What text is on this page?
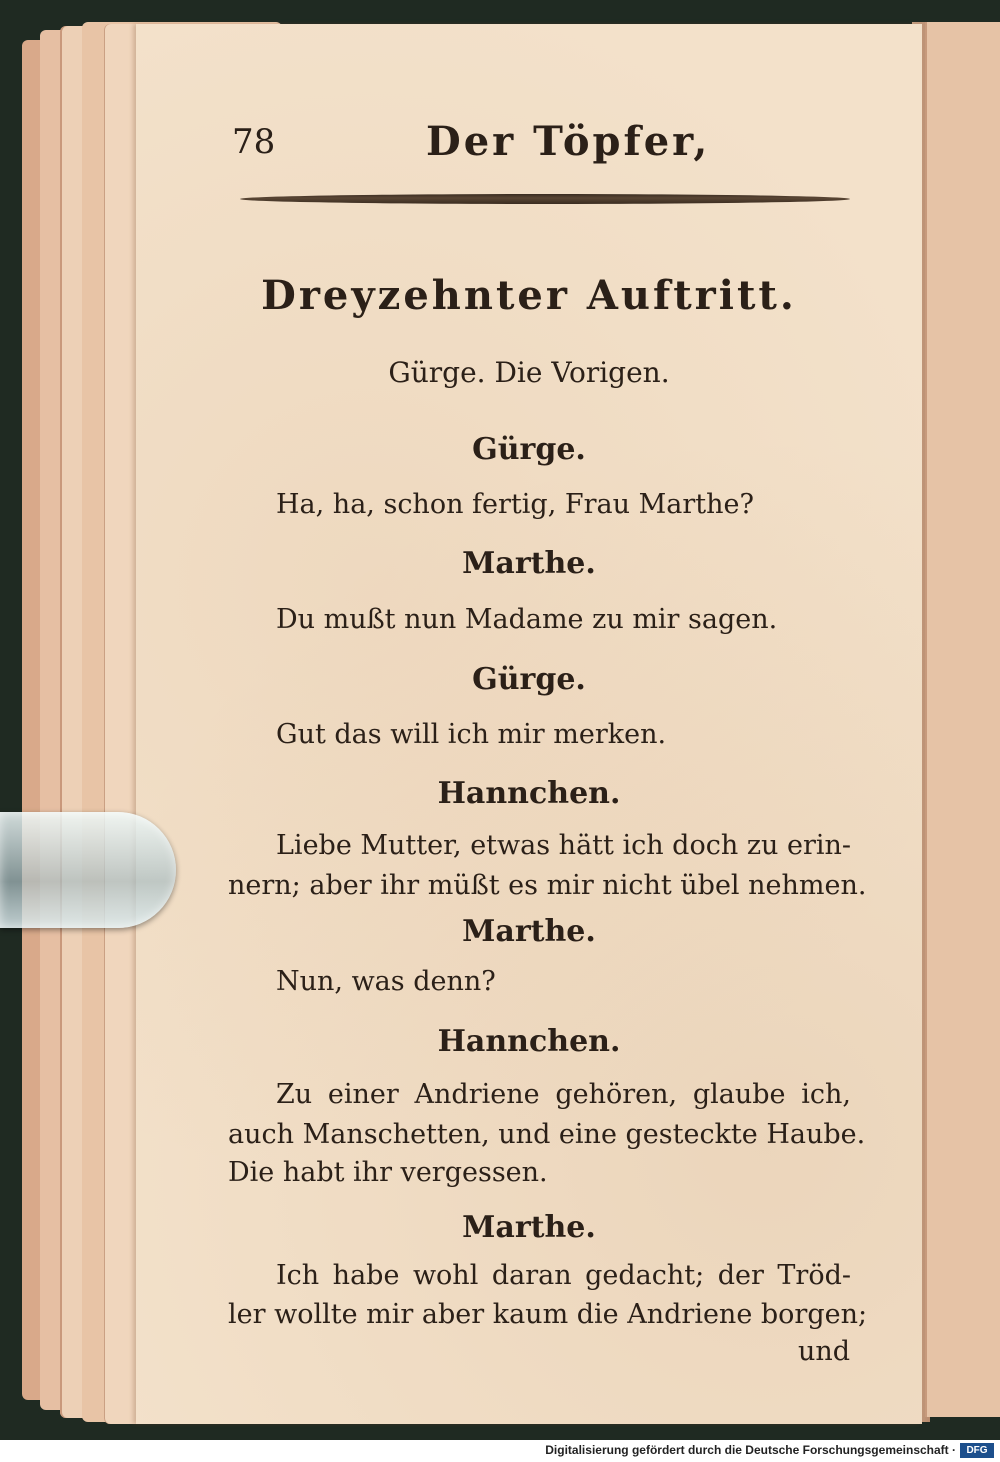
78	Der Töpfer,
Dreyzehnter Auftritt.
Gürge. Die Vorigen.
Gürge.
Ha, ha, schon fertig, Frau Marthe?
Marthe.
Du mußt nun Madame zu mir sagen.
Gürge.
Gut das will ich mir merken.
Hannchen.
Liebe Mutter, etwas hätt ich doch zu erin-
nern; aber ihr müßt es mir nicht übel nehmen.
Marthe.
Nun, was denn?
Hannchen.
Zu einer Andriene gehören, glaube ich,
auch Manschetten, und eine gesteckte Haube.
Die habt ihr vergessen.
Marthe.
Ich habe wohl daran gedacht; der Tröd-
ler wollte mir aber kaum die Andriene borgen;
und
Digitalisierung gefördert durch die Deutsche Forschungsgemeinschaft ·	DFG
